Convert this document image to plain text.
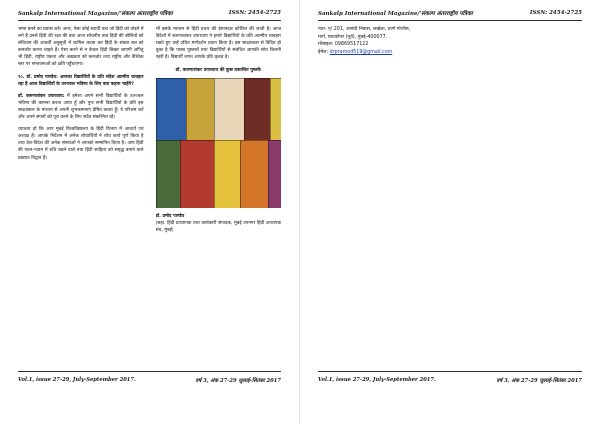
Sankalp International Magazine/'संकल्प अंतरराष्ट्रीय पत्रिका	ISSN: 2454-2725

भाषा बनने का प्रयास करें। अगर, ऐसा कोई स्वार्थी तत्व जो हिंदी को तोड़ने में लगे हैं उनसे हिंदी की रक्षा की बात आज सोचनीय तत्व हिंदी की बोलियों को संविधान की आठवीं अनुसूची में शामिल करवा कर हिंदी के संख्या बल को कमज़ोर करना चाहते हैं। ऐसा करने से न केवल हिंदी बिखर जाएगी अपितु भी हिंदी, राष्ट्रीय एकता और अखंडता को कमज़ोर तथा राष्ट्रीय और वैश्विक स्तर पर संभावनाओं को क्षति पहुँचाएगा।

१०. डॉ. प्रमोद पाण्डेय: आपका विद्यार्थियों के प्रति संदेश आत्मीय व्यवहार रहा है आज विद्यार्थियों के उज्ज्वल भविष्य के लिए क्या कहना चाहेंगे?

डॉ. करुणाशंकर उपाध्याय: मैं हमेशा अपने सभी विद्यार्थियों के उज्ज्वल भविष्य की कामना करता आया हूँ और पुनः सभी विद्यार्थियों के प्रति इस साक्षात्कार के माध्यम से अपनी शुभकामनाएं प्रेषित करता हूँ। वे परिश्रम करें और अपने सपनों को पूरा करने के लिए सदैव संकल्पित रहें।

ध्यातव्य हो कि आप मुंबई विश्वविद्यालय के हिंदी विभाग में आचार्य एवं अध्यक्ष हैं। आपके निर्देशन में अनेक शोधार्थियों ने शोध कार्य पूर्ण किया है तथा देश-विदेश की अनेक संस्थाओं ने आपको सम्मानित किया है। आप हिंदी की पठन-पाठन में रुचि रखने वाले तथा हिंदी साहित्य को समृद्ध बनाने वाले प्रख्यात विद्वान हैं।

भी इसके माध्यम से हिंदी प्रचार की ईमानदार कोशिश की जाती है। आज विदेशों में करुणाशंकर उपाध्याय ने हमारे विद्यार्थियों के प्रति आत्मीय व्यवहार रखते हुए उन्हें उचित मार्गदर्शन प्रदान किया है। इस साक्षात्कार से विदित हो चुका है कि पाठ्य पुस्तकों तथा विद्यार्थियों से संबंधित आपकी सोच कितनी गहरी है। विद्यार्थी जगत आपके प्रति कृतज्ञ है।

डॉ. करुणाशंकर उपाध्याय की कुछ प्रकाशित पुस्तकें
डॉ. प्रमोद पाण्डेय
(सहा. हिंदी प्राध्यापक तथा कार्यकारी संपादक, मुंबई उपनगर हिंदी अध्यापक संघ, मुंबई)
Vol.1, issue 27-29, July-September 2017.	वर्ष 3, अंक 27-29 जुलाई-सितंबर 2017
Sankalp International Magazine/'संकल्प अंतरराष्ट्रीय पत्रिका	ISSN: 2454-2725
पता- ए/ 201, आनंदी निवास, लखेला, ठाणे पश्चिम,
मार्ग, घाटकोपर (पूर्व), मुंबई-400077.
मोबाइल: 09869517122
ईमेल: drpramod519@gmail.com
Vol.1, issue 27-29, July-September 2017.	वर्ष 3, अंक 27-29 जुलाई-सितंबर 2017
